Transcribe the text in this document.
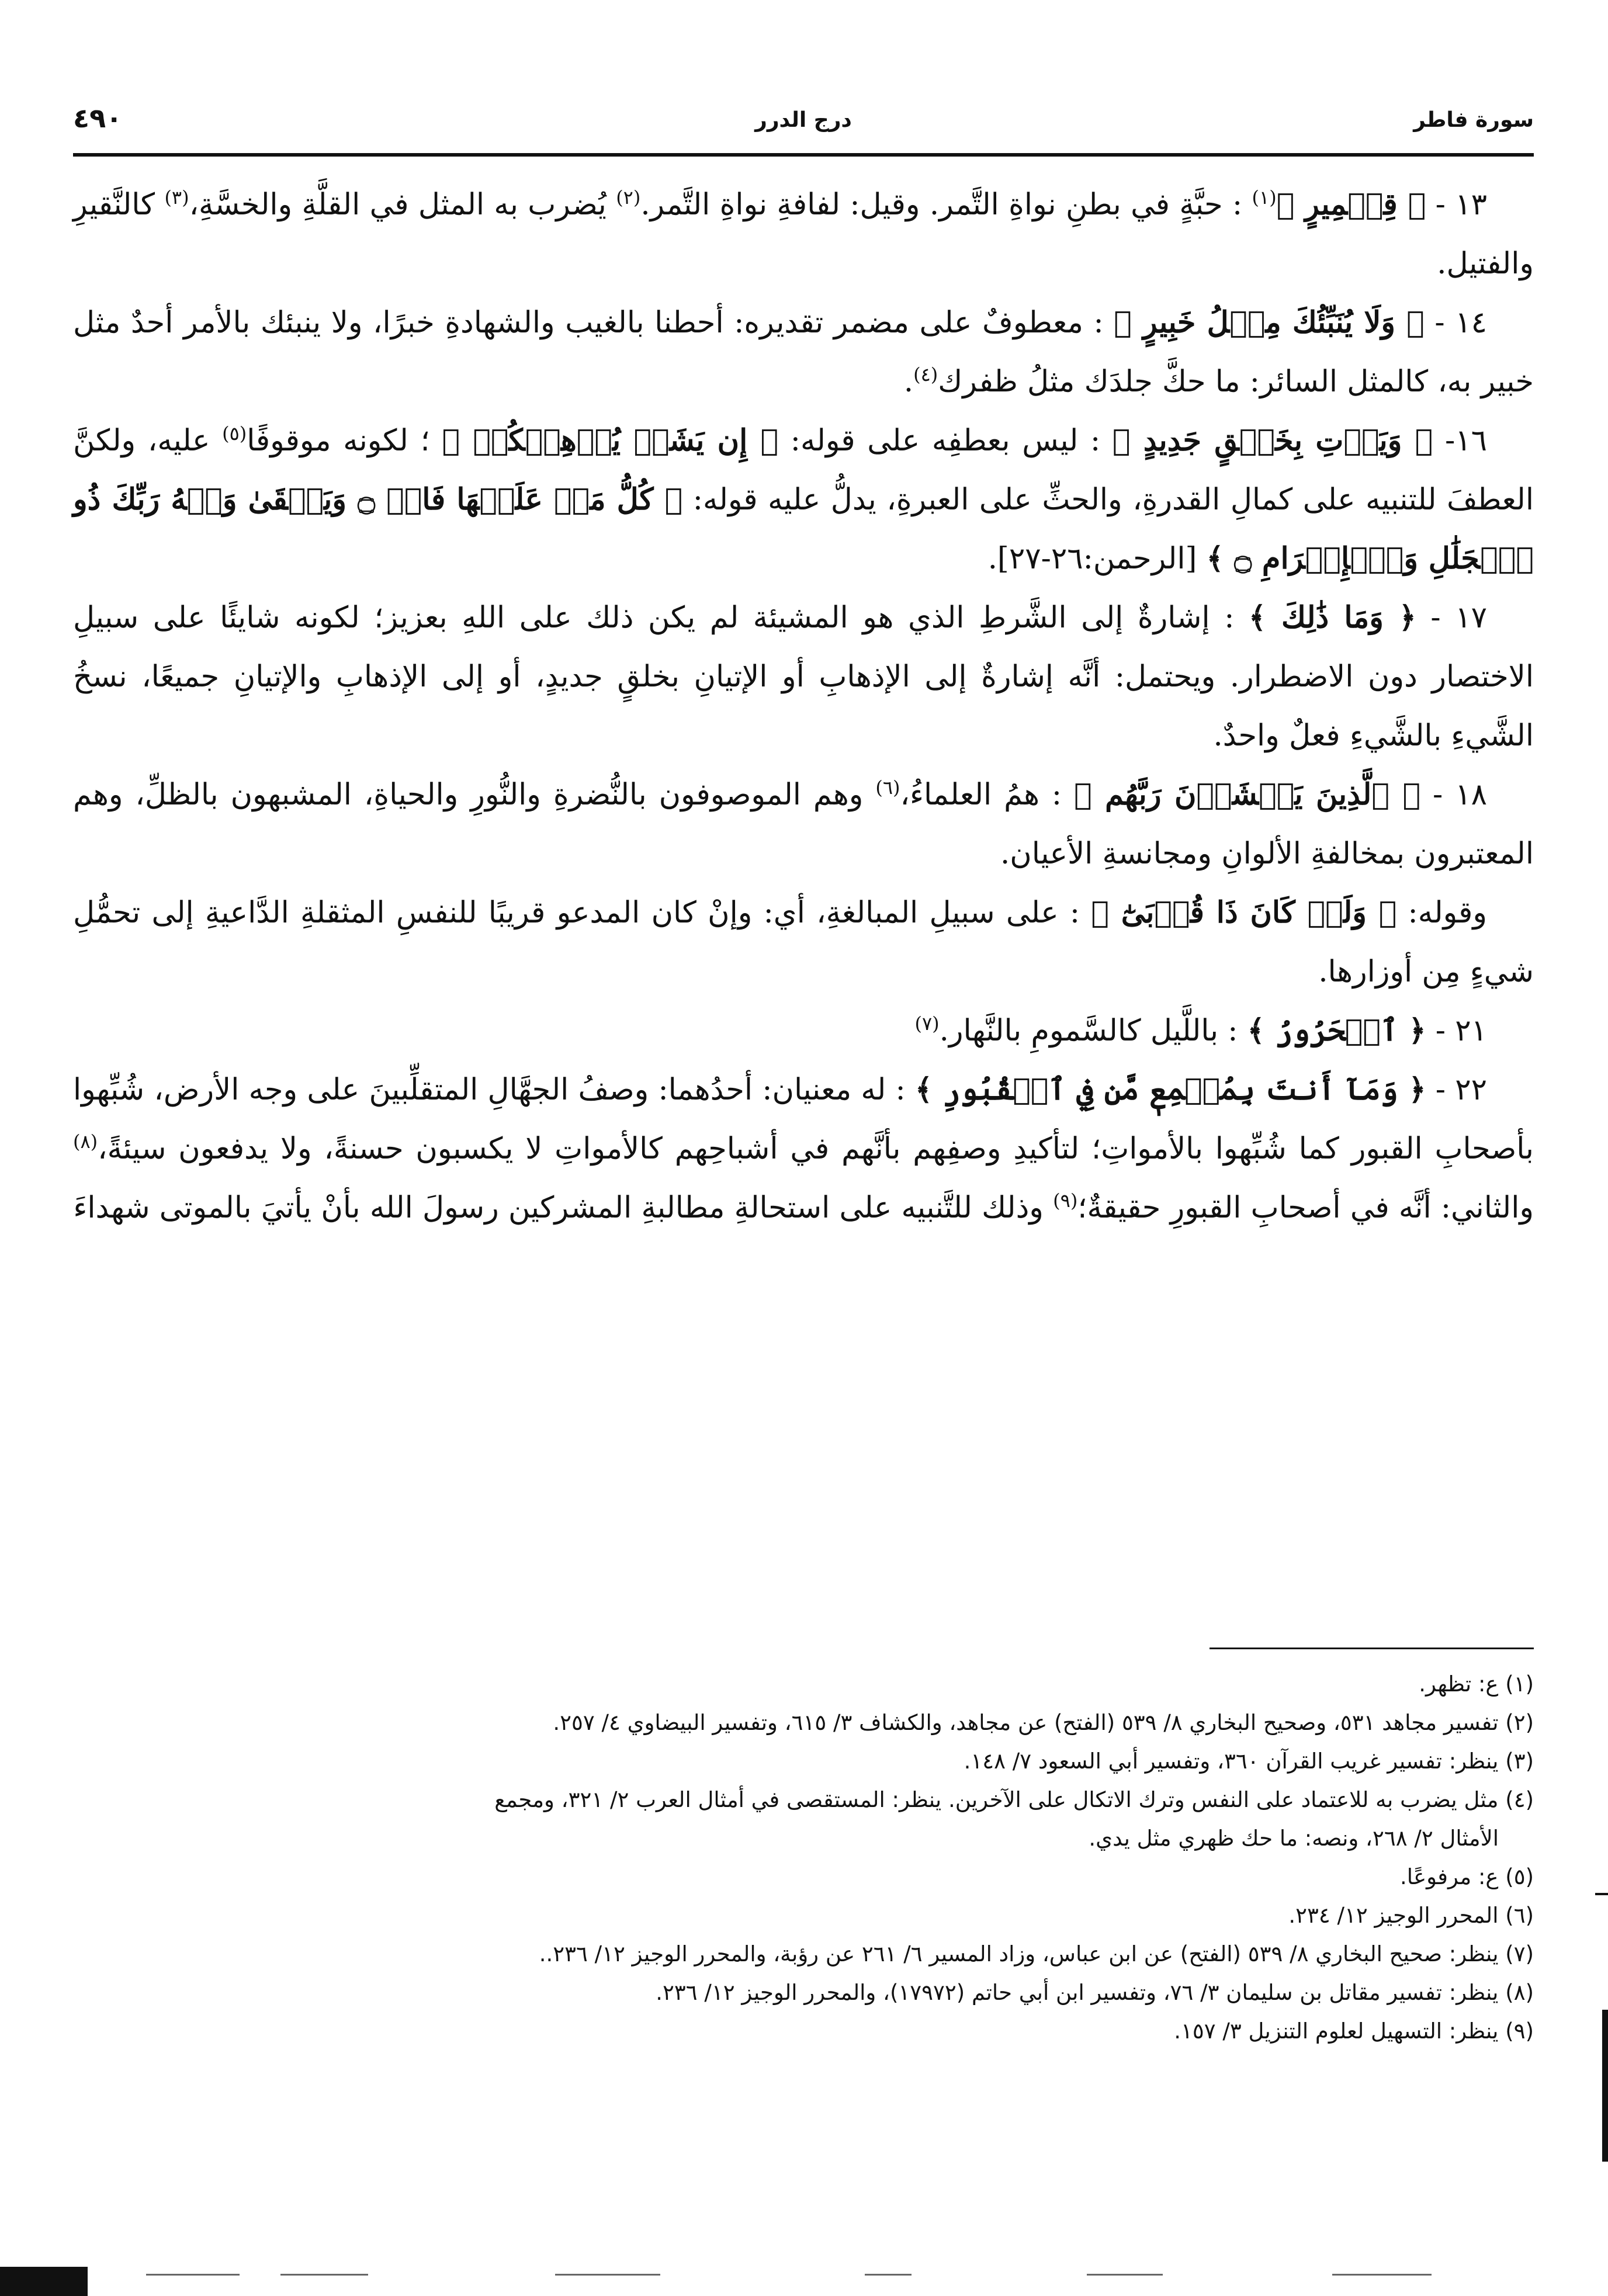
سورة فاطر
درج الدرر
٤٩٠

١٣ - ﴿ قِطۡمِيرٍ ﴾$^{(١)}$ : حبَّةٍ في بطنِ نواةِ التَّمر. وقيل: لفافةِ نواةِ التَّمر.$^{(٢)}$ يُضرب به المثل في القلَّةِ والخسَّةِ،$^{(٣)}$ كالنَّقيرِ والفتيل.

١٤ - ﴿ وَلَا يُنَبِّئُكَ مِثۡلُ خَبِيرٍ ﴾ : معطوفٌ على مضمر تقديره: أحطنا بالغيب والشهادةِ خبرًا، ولا ينبئك بالأمر أحدٌ مثل خبير به، كالمثل السائر: ما حكَّ جلدَك مثلُ ظفرك$^{(٤)}$.

١٦- ﴿ وَيَأۡتِ بِخَلۡقٍ جَدِيدٍ ﴾ : ليس بعطفِه على قوله: ﴿ إِن يَشَأۡ يُذۡهِبۡكُمۡ ﴾ ؛ لكونه موقوفًا$^{(٥)}$ عليه، ولكنَّ العطفَ للتنبيه على كمالِ القدرةِ، والحثِّ على العبرةِ، يدلُّ عليه قوله: ﴿ كُلُّ مَنۡ عَلَيۡهَا فَانٖ ۝ وَيَبۡقَىٰ وَجۡهُ رَبِّكَ ذُو ٱلۡجَلَٰلِ وَٱلۡإِكۡرَامِ ۝ ﴾ [الرحمن:٢٦-٢٧].

١٧ - ﴿ وَمَا ذَٰلِكَ ﴾ : إشارةٌ إلى الشَّرطِ الذي هو المشيئة لم يكن ذلك على اللهِ بعزيز؛ لكونه شايئًا على سبيلِ الاختصار دون الاضطرار. ويحتمل: أنَّه إشارةٌ إلى الإذهابِ أو الإتيانِ بخلقٍ جديدٍ، أو إلى الإذهابِ والإتيانِ جميعًا، نسخُ الشَّيءِ بالشَّيءِ فعلٌ واحدٌ.

١٨ - ﴿ ٱلَّذِينَ يَخۡشَوۡنَ رَبَّهُم ﴾ : همُ العلماءُ،$^{(٦)}$ وهم الموصوفون بالنُّضرةِ والنُّورِ والحياةِ، المشبهون بالظلِّ، وهم المعتبرون بمخالفةِ الألوانِ ومجانسةِ الأعيان.

وقوله: ﴿ وَلَوۡ كَانَ ذَا قُرۡبَىٰٓ ﴾ : على سبيلِ المبالغةِ، أي: وإنْ كان المدعو قريبًا للنفسِ المثقلةِ الدَّاعيةِ إلى تحمُّلِ شيءٍ مِن أوزارها.

٢١ - ﴿ ٱلۡحَرُورُ ﴾ : باللَّيل كالسَّمومِ بالنَّهار.$^{(٧)}$

٢٢ - ﴿ وَمَآ أَنتَ بِمُسۡمِعٖ مَّن فِي ٱلۡقُبُورِ ﴾ : له معنيان: أحدُهما: وصفُ الجهَّالِ المتقلِّبينَ على وجه الأرض، شُبِّهوا بأصحابِ القبور كما شُبِّهوا بالأمواتِ؛ لتأكيدِ وصفِهم بأنَّهم في أشباحِهم كالأمواتِ لا يكسبون حسنةً، ولا يدفعون سيئةً،$^{(٨)}$ والثاني: أنَّه في أصحابِ القبورِ حقيقةٌ؛$^{(٩)}$ وذلك للتَّنبيه على استحالةِ مطالبةِ المشركين رسولَ الله بأنْ يأتيَ بالموتى شهداءَ

(١) ع: تظهر.

(٢) تفسير مجاهد ٥٣١، وصحيح البخاري ٨/ ٥٣٩ (الفتح) عن مجاهد، والكشاف ٣/ ٦١٥، وتفسير البيضاوي ٤/ ٢٥٧.

(٣) ينظر: تفسير غريب القرآن ٣٦٠، وتفسير أبي السعود ٧/ ١٤٨.

(٤) مثل يضرب به للاعتماد على النفس وترك الاتكال على الآخرين. ينظر: المستقصى في أمثال العرب ٢/ ٣٢١، ومجمع

الأمثال ٢/ ٢٦٨، ونصه: ما حك ظهري مثل يدي.

(٥) ع: مرفوعًا.

(٦) المحرر الوجيز ١٢/ ٢٣٤.

(٧) ينظر: صحيح البخاري ٨/ ٥٣٩ (الفتح) عن ابن عباس، وزاد المسير ٦/ ٢٦١ عن رؤبة، والمحرر الوجيز ١٢/ ٢٣٦..

(٨) ينظر: تفسير مقاتل بن سليمان ٣/ ٧٦، وتفسير ابن أبي حاتم (١٧٩٧٢)، والمحرر الوجيز ١٢/ ٢٣٦.

(٩) ينظر: التسهيل لعلوم التنزيل ٣/ ١٥٧.
